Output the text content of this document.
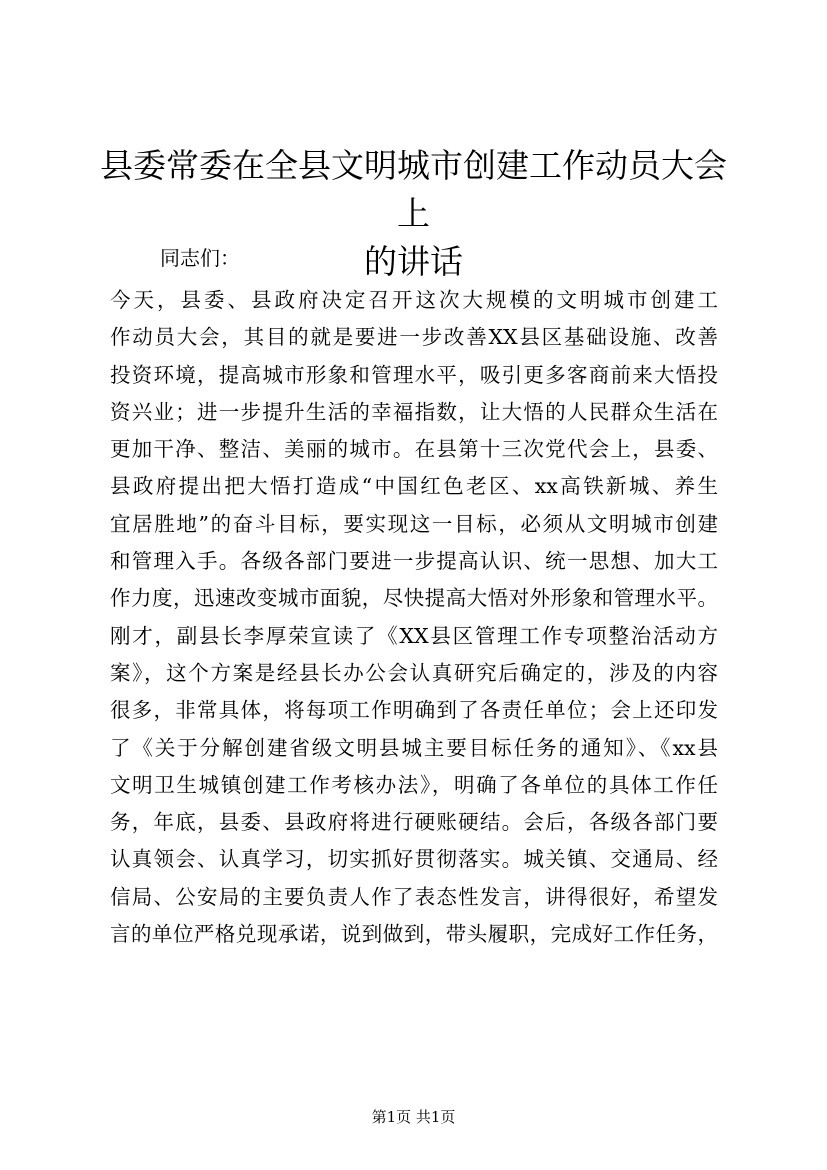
县委常委在全县文明城市创建工作动员大会上
的讲话
同志们：
今天，县委、县政府决定召开这次大规模的文明城市创建工
作动员大会，其目的就是要进一步改善XX县区基础设施、改善
投资环境，提高城市形象和管理水平，吸引更多客商前来大悟投
资兴业；进一步提升生活的幸福指数，让大悟的人民群众生活在
更加干净、整洁、美丽的城市。在县第十三次党代会上，县委、
县政府提出把大悟打造成“中国红色老区、xx高铁新城、养生
宜居胜地”的奋斗目标，要实现这一目标，必须从文明城市创建
和管理入手。各级各部门要进一步提高认识、统一思想、加大工
作力度，迅速改变城市面貌，尽快提高大悟对外形象和管理水平。
刚才，副县长李厚荣宣读了《XX县区管理工作专项整治活动方
案》，这个方案是经县长办公会认真研究后确定的，涉及的内容
很多，非常具体，将每项工作明确到了各责任单位；会上还印发
了《关于分解创建省级文明县城主要目标任务的通知》、《xx县
文明卫生城镇创建工作考核办法》，明确了各单位的具体工作任
务，年底，县委、县政府将进行硬账硬结。会后，各级各部门要
认真领会、认真学习，切实抓好贯彻落实。城关镇、交通局、经
信局、公安局的主要负责人作了表态性发言，讲得很好，希望发
言的单位严格兑现承诺，说到做到，带头履职，完成好工作任务，
第1页 共1页
